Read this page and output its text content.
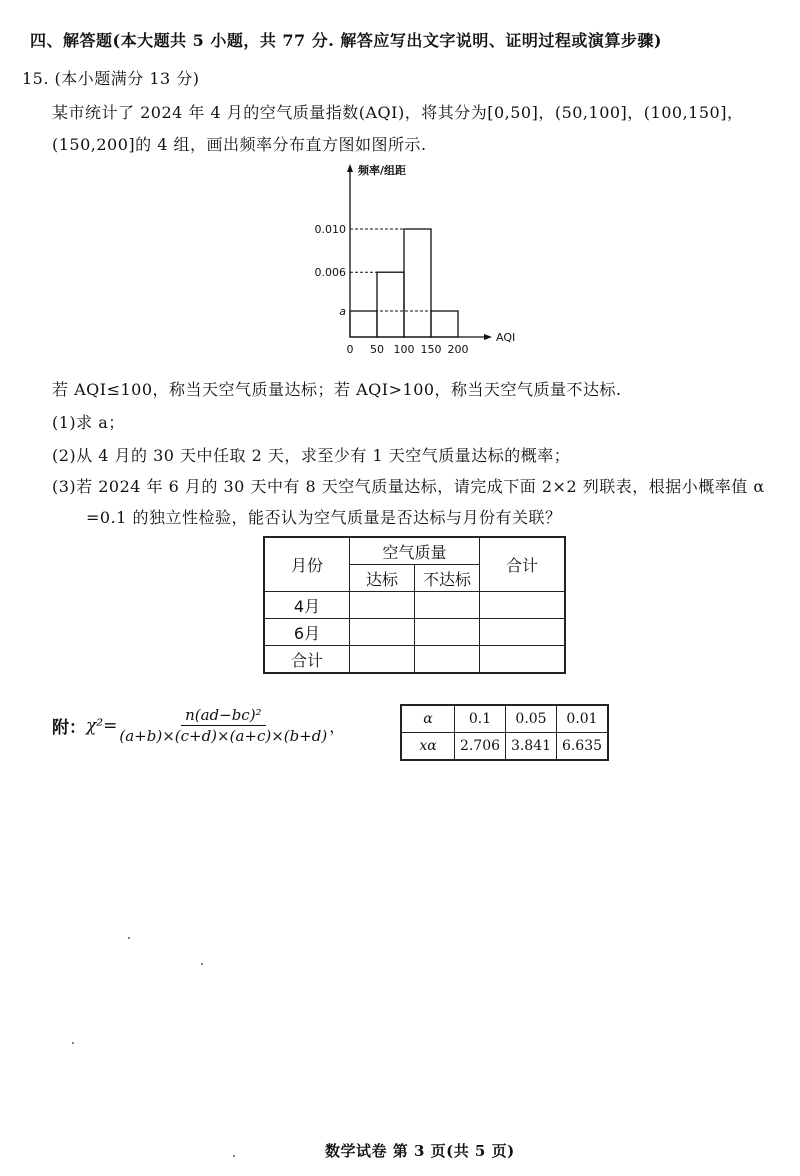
四、解答题(本大题共 5 小题，共 77 分. 解答应写出文字说明、证明过程或演算步骤)
15. (本小题满分 13 分)
某市统计了 2024 年 4 月的空气质量指数(AQI)，将其分为[0,50]，(50,100]，(100,150]，
(150,200]的 4 组，画出频率分布直方图如图所示.
0.010
0.006
a
0 50 100 150 200
AQI
频率/组距
若 AQI≤100，称当天空气质量达标；若 AQI>100，称当天空气质量不达标.
(1)求 a；
(2)从 4 月的 30 天中任取 2 天，求至少有 1 天空气质量达标的概率；
(3)若 2024 年 6 月的 30 天中有 8 天空气质量达标，请完成下面 2×2 列联表，根据小概率值 α
=0.1 的独立性检验，能否认为空气质量是否达标与月份有关联？
月份	空气质量		合计
	达标	不达标	
4月			
6月			
合计			
附： $\chi^2= \frac{\text{n(ad−bc)²}}{(a+b)\times(c+d)\times(a+c)\times(b+d)}$ ，	α	0.1	0.05	0.01
xα	2.706	3.841	6.635
数学试卷 第 3 页(共 5 页)
